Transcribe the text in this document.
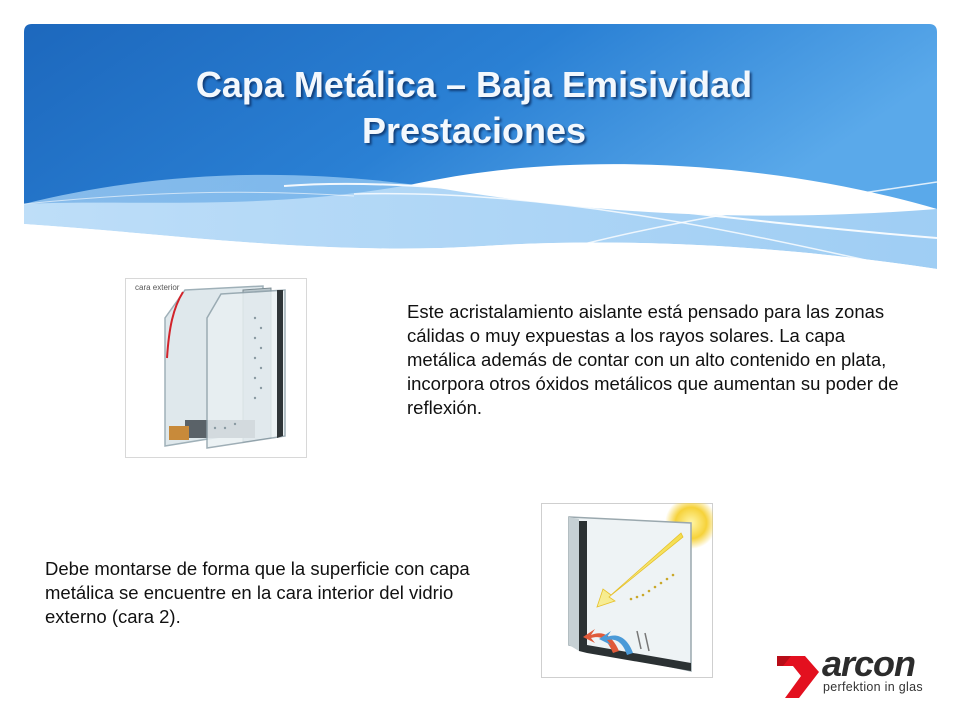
Capa Metálica – Baja Emisividad
Prestaciones
cara exterior
Este acristalamiento aislante está pensado para las zonas cálidas o muy expuestas a los rayos solares. La capa metálica además de contar con un alto contenido en plata, incorpora otros óxidos metálicos que aumentan su poder de reflexión.
Debe montarse de forma que la superficie con capa metálica se encuentre en la cara interior del vidrio externo (cara 2).
arcon
perfektion in glas
